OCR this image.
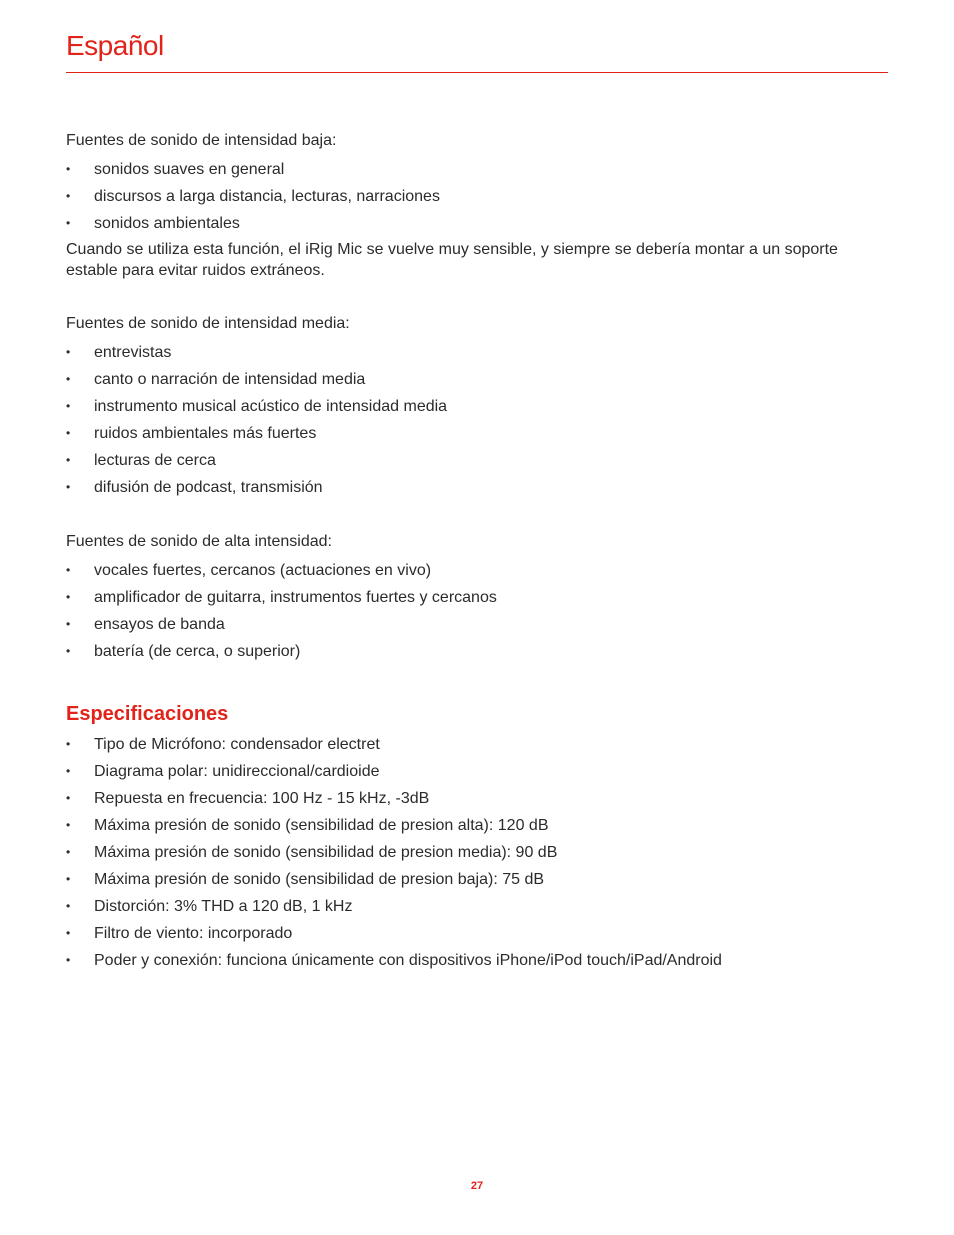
Español

Fuentes de sonido de intensidad baja:

•	sonidos suaves en general
•	discursos a larga distancia, lecturas, narraciones
•	sonidos ambientales

Cuando se utiliza esta función, el iRig Mic se vuelve muy sensible, y siempre se debería montar a un soporte estable para evitar ruidos extráneos.

Fuentes de sonido de intensidad media:

•	entrevistas
•	canto o narración de intensidad media
•	instrumento musical acústico de intensidad media
•	ruidos ambientales más fuertes
•	lecturas de cerca
•	difusión de podcast, transmisión

Fuentes de sonido de alta intensidad:

•	vocales fuertes, cercanos (actuaciones en vivo)
•	amplificador de guitarra, instrumentos fuertes y cercanos
•	ensayos de banda
•	batería (de cerca, o superior)
Especificaciones
•	Tipo de Micrófono: condensador electret
•	Diagrama polar: unidireccional/cardioide
•	Repuesta en frecuencia: 100 Hz - 15 kHz, -3dB
•	Máxima presión de sonido (sensibilidad de presion alta): 120 dB
•	Máxima presión de sonido (sensibilidad de presion media): 90 dB
•	Máxima presión de sonido (sensibilidad de presion baja): 75 dB
•	Distorción: 3% THD a 120 dB, 1 kHz
•	Filtro de viento: incorporado
•	Poder y conexión: funciona únicamente con dispositivos iPhone/iPod touch/iPad/Android
27
